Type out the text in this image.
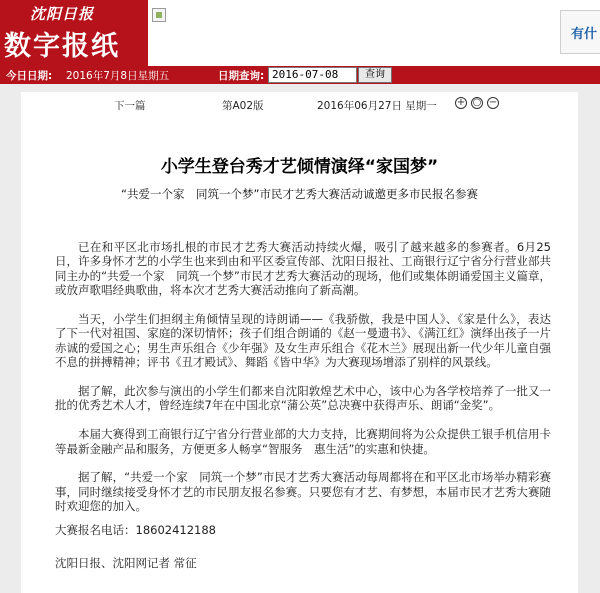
沈阳日报
数字报纸	有什
今日日期: 2016年7月8日星期五	日期查询: 2016-07-08	查询
下一篇	第A02版	2016年06月27日 星期一 + ○ −
小学生登台秀才艺倾情演绎“家国梦”
“共爱一个家　同筑一个梦”市民才艺秀大赛活动诚邀更多市民报名参赛

已在和平区北市场扎根的市民才艺秀大赛活动持续火爆，吸引了越来越多的参赛者。6月25日，许多身怀才艺的小学生也来到由和平区委宣传部、沈阳日报社、工商银行辽宁省分行营业部共同主办的“共爱一个家　同筑一个梦”市民才艺秀大赛活动的现场，他们或集体朗诵爱国主义篇章，或放声歌唱经典歌曲，将本次才艺秀大赛活动推向了新高潮。

当天，小学生们担纲主角倾情呈现的诗朗诵——《我骄傲，我是中国人》、《家是什么》，表达了下一代对祖国、家庭的深切情怀；孩子们组合朗诵的《赵一曼遗书》、《满江红》演绎出孩子一片赤诚的爱国之心；男生声乐组合《少年强》及女生声乐组合《花木兰》展现出新一代少年儿童自强不息的拼搏精神；评书《丑才殿试》、舞蹈《皆中华》为大赛现场增添了别样的风景线。

据了解，此次参与演出的小学生们都来自沈阳敦煌艺术中心，该中心为各学校培养了一批又一批的优秀艺术人才，曾经连续7年在中国北京“蒲公英”总决赛中获得声乐、朗诵“金奖”。

本届大赛得到工商银行辽宁省分行营业部的大力支持，比赛期间将为公众提供工银手机信用卡等最新金融产品和服务，方便更多人畅享“智服务　惠生活”的实惠和快捷。

据了解，“共爱一个家　同筑一个梦”市民才艺秀大赛活动每周都将在和平区北市场举办精彩赛事，同时继续接受身怀才艺的市民朋友报名参赛。只要您有才艺、有梦想，本届市民才艺秀大赛随时欢迎您的加入。

大赛报名电话：18602412188
沈阳日报、沈阳网记者 常征
